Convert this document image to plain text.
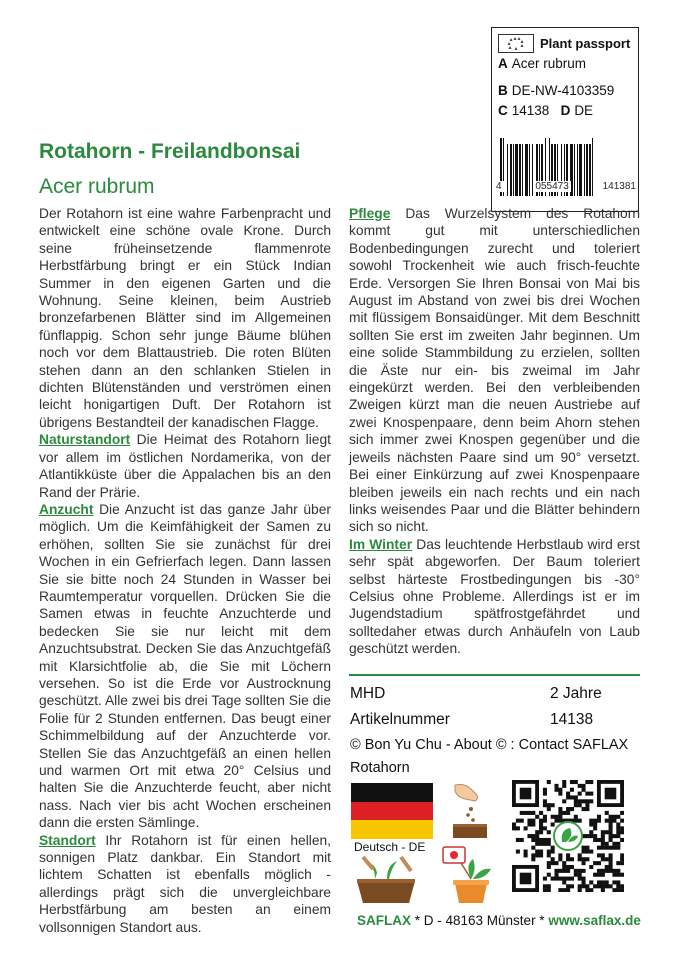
Plant passport
A Acer rubrum
B DE-NW-4103359
C 14138 D DE
4	055473	141381
Rotahorn - Freilandbonsai
Acer rubrum

Der Rotahorn ist eine wahre Farbenpracht und entwickelt eine schöne ovale Krone. Durch seine früheinsetzende flammenrote Herbstfärbung bringt er ein Stück Indian Summer in den eigenen Garten und die Wohnung. Seine kleinen, beim Austrieb bronzefarbenen Blätter sind im Allgemeinen fünflappig. Schon sehr junge Bäume blühen noch vor dem Blattaustrieb. Die roten Blüten stehen dann an den schlanken Stielen in dichten Blütenständen und verströmen einen leicht honigartigen Duft. Der Rotahorn ist übrigens Bestandteil der kanadischen Flagge.

Naturstandort Die Heimat des Rotahorn liegt vor allem im östlichen Nordamerika, von der Atlantikküste über die Appalachen bis an den Rand der Prärie.

Anzucht Die Anzucht ist das ganze Jahr über möglich. Um die Keimfähigkeit der Samen zu erhöhen, sollten Sie sie zunächst für drei Wochen in ein Gefrierfach legen. Dann lassen Sie sie bitte noch 24 Stunden in Wasser bei Raumtemperatur vorquellen. Drücken Sie die Samen etwas in feuchte Anzuchterde und bedecken Sie sie nur leicht mit dem Anzuchtsubstrat. Decken Sie das Anzuchtgefäß mit Klarsichtfolie ab, die Sie mit Löchern versehen. So ist die Erde vor Austrocknung geschützt. Alle zwei bis drei Tage sollten Sie die Folie für 2 Stunden entfernen. Das beugt einer Schimmelbildung auf der Anzuchterde vor. Stellen Sie das Anzuchtgefäß an einen hellen und warmen Ort mit etwa 20° Celsius und halten Sie die Anzuchterde feucht, aber nicht nass. Nach vier bis acht Wochen erscheinen dann die ersten Sämlinge.

Standort Ihr Rotahorn ist für einen hellen, sonnigen Platz dankbar. Ein Standort mit lichtem Schatten ist ebenfalls möglich - allerdings prägt sich die unvergleichbare Herbstfärbung am besten an einem vollsonnigen Standort aus.

Pflege Das Wurzelsystem des Rotahorn kommt gut mit unterschiedlichen Bodenbedingungen zurecht und toleriert sowohl Trockenheit wie auch frisch-feuchte Erde. Versorgen Sie Ihren Bonsai von Mai bis August im Abstand von zwei bis drei Wochen mit flüssigem Bonsaidünger. Mit dem Beschnitt sollten Sie erst im zweiten Jahr beginnen. Um eine solide Stammbildung zu erzielen, sollten die Äste nur ein- bis zweimal im Jahr eingekürzt werden. Bei den verbleibenden Zweigen kürzt man die neuen Austriebe auf zwei Knospenpaare, denn beim Ahorn stehen sich immer zwei Knospen gegenüber und die jeweils nächsten Paare sind um 90° versetzt. Bei einer Einkürzung auf zwei Knospenpaare bleiben jeweils ein nach rechts und ein nach links weisendes Paar und die Blätter behindern sich so nicht.

Im Winter Das leuchtende Herbstlaub wird erst sehr spät abgeworfen. Der Baum toleriert selbst härteste Frostbedingungen bis -30° Celsius ohne Probleme. Allerdings ist er im Jugendstadium spätfrostgefährdet und solltedaher etwas durch Anhäufeln von Laub geschützt werden.

MHD	2 Jahre
Artikelnummer	14138
© Bon Yu Chu - About © : Contact SAFLAX
Rotahorn
Deutsch - DE
SAFLAX * D - 48163 Münster * www.saflax.de
